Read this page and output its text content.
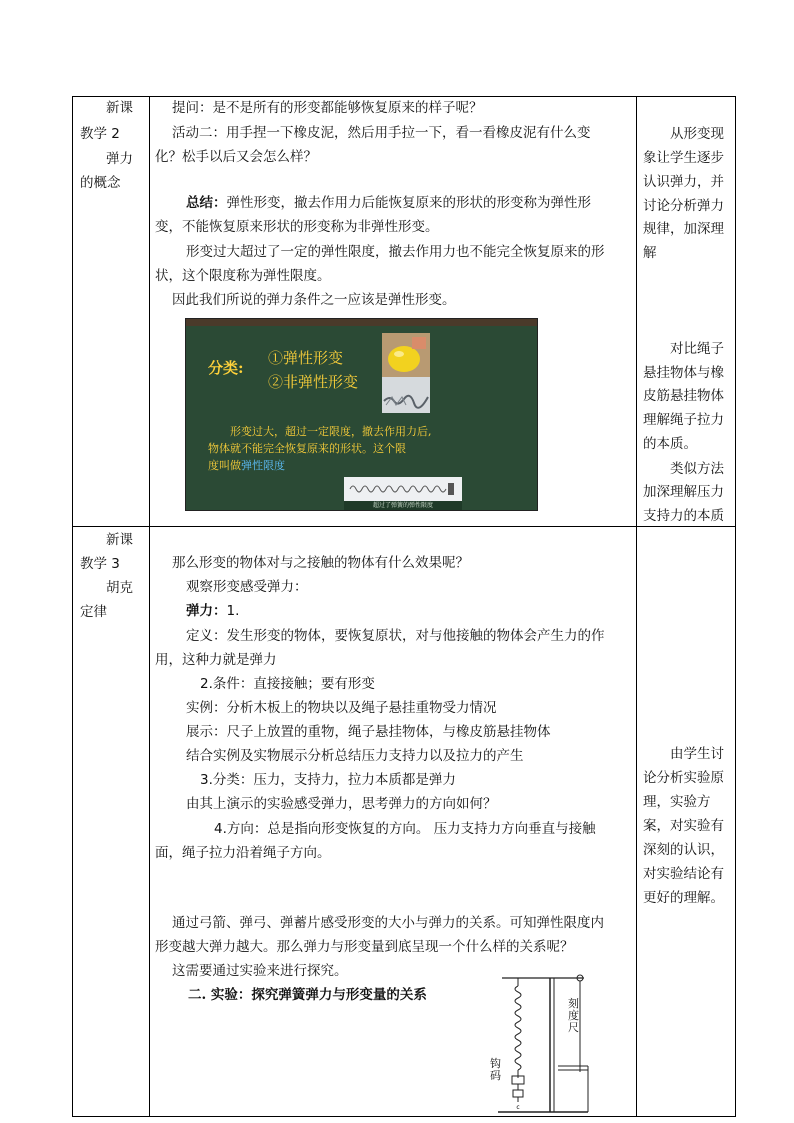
新课
教学 2
弹力
的概念
提问：是不是所有的形变都能够恢复原来的样子呢？
活动二：用手捏一下橡皮泥，然后用手拉一下，看一看橡皮泥有什么变
化？松手以后又会怎么样？
总结：弹性形变，撤去作用力后能恢复原来的形状的形变称为弹性形
变，不能恢复原来形状的形变称为非弹性形变。
形变过大超过了一定的弹性限度，撤去作用力也不能完全恢复原来的形
状，这个限度称为弹性限度。
因此我们所说的弹力条件之一应该是弹性形变。
分类:
①弹性形变
②非弹性形变
形变过大，超过一定限度，撤去作用力后,
物体就不能完全恢复原来的形状。这个限
度叫做弹性限度
超过了弹簧的弹性限度
从形变现
象让学生逐步
认识弹力，并
讨论分析弹力
规律，加深理
解
对比绳子
悬挂物体与橡
皮筋悬挂物体
理解绳子拉力
的本质。
类似方法
加深理解压力
支持力的本质
新课
教学 3
胡克
定律
那么形变的物体对与之接触的物体有什么效果呢？
观察形变感受弹力：
弹力：1.
定义：发生形变的物体，要恢复原状，对与他接触的物体会产生力的作
用，这种力就是弹力
2.条件：直接接触；要有形变
实例：分析木板上的物块以及绳子悬挂重物受力情况
展示：尺子上放置的重物，绳子悬挂物体，与橡皮筋悬挂物体
结合实例及实物展示分析总结压力支持力以及拉力的产生
3.分类：压力，支持力，拉力本质都是弹力
由其上演示的实验感受弹力，思考弹力的方向如何？
4.方向：总是指向形变恢复的方向。 压力支持力方向垂直与接触
面，绳子拉力沿着绳子方向。
通过弓箭、弹弓、弹蓄片感受形变的大小与弹力的关系。可知弹性限度内
形变越大弹力越大。那么弹力与形变量到底呈现一个什么样的关系呢？
这需要通过实验来进行探究。
二. 实验：探究弹簧弹力与形变量的关系
c
刻
度
尺
钩
码
由学生讨
论分析实验原
理，实验方
案，对实验有
深刻的认识，
对实验结论有
更好的理解。
